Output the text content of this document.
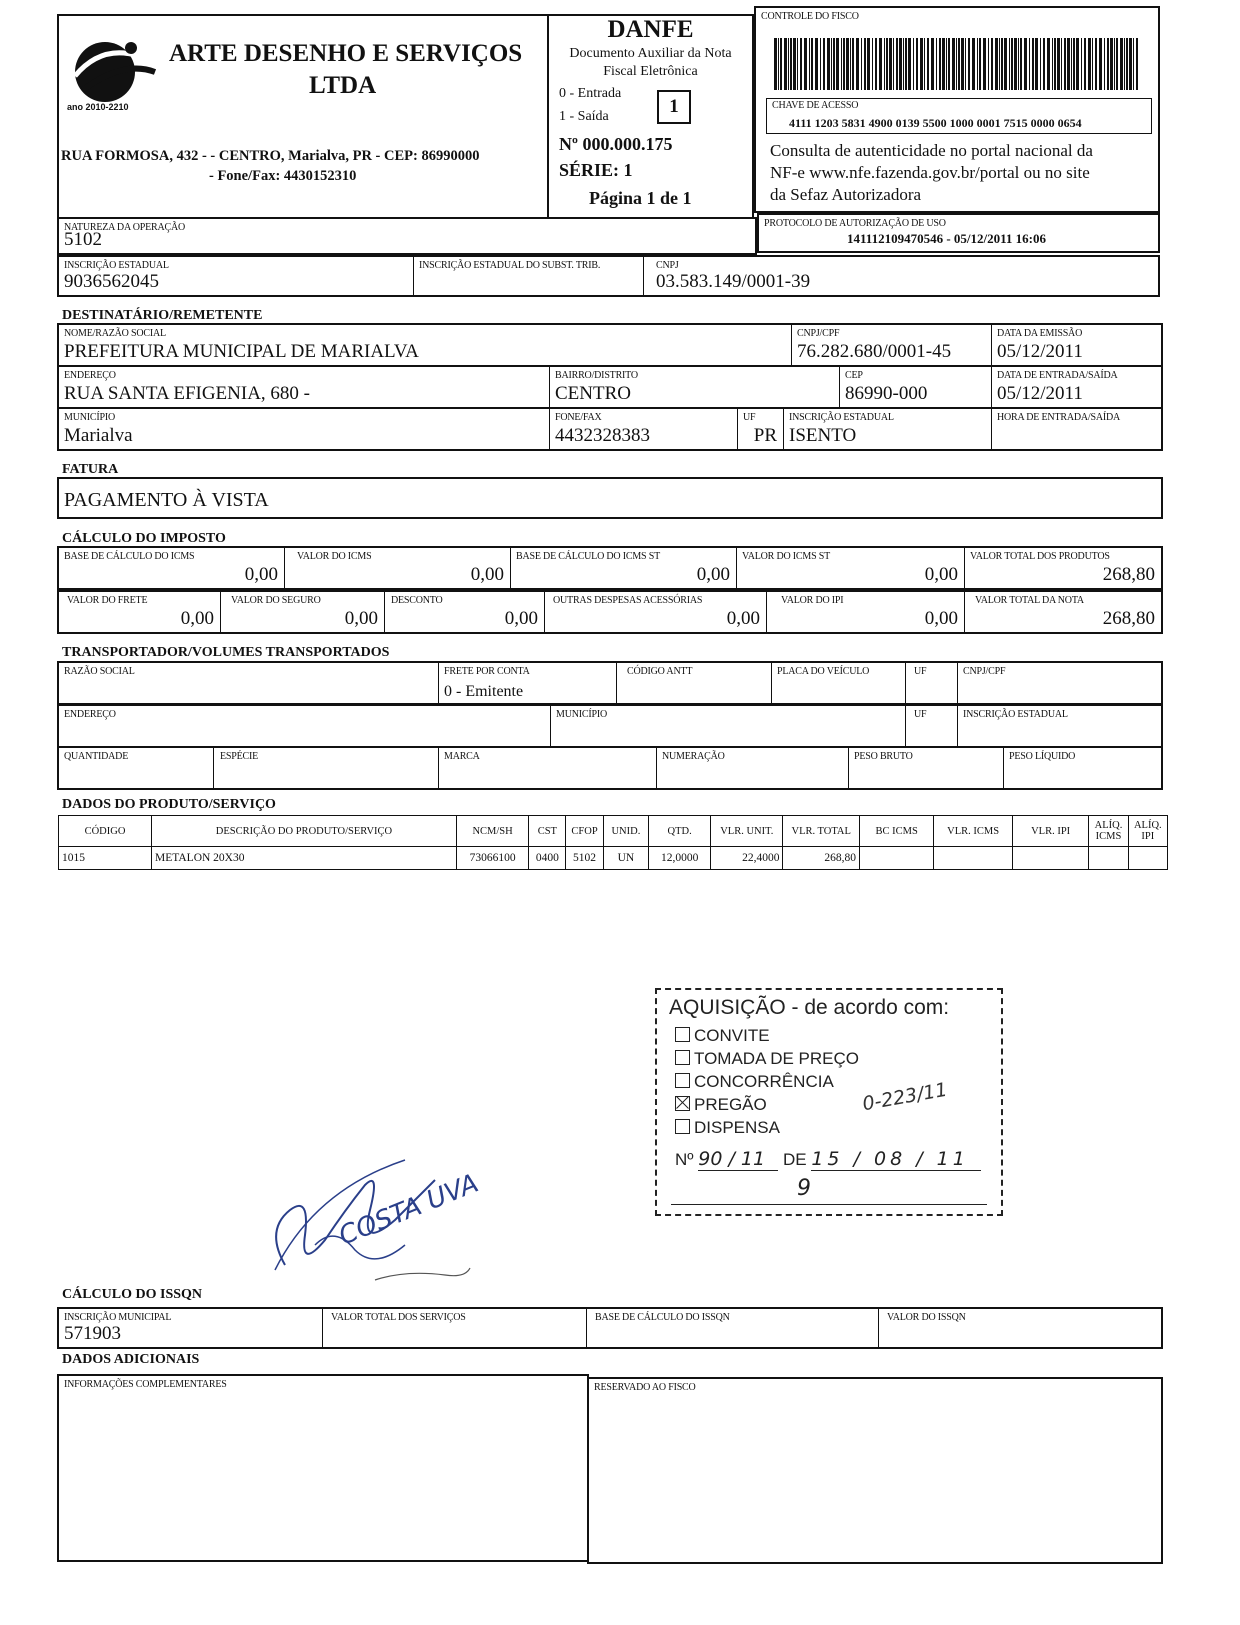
ano 2010-2210
ARTE DESENHO E SERVIÇOS
LTDA
RUA FORMOSA, 432 - - CENTRO, Marialva, PR - CEP: 86990000
- Fone/Fax: 4430152310
DANFE
Documento Auxiliar da Nota
Fiscal Eletrônica
0 - Entrada
1 - Saída	1
Nº 000.000.175
SÉRIE: 1
Página 1 de 1
CONTROLE DO FISCO
CHAVE DE ACESSO
4111 1203 5831 4900 0139 5500 1000 0001 7515 0000 0654
Consulta de autenticidade no portal nacional da
NF-e www.nfe.fazenda.gov.br/portal ou no site
da Sefaz Autorizadora
NATUREZA DA OPERAÇÃO
5102
PROTOCOLO DE AUTORIZAÇÃO DE USO
141112109470546 - 05/12/2011 16:06
INSCRIÇÃO ESTADUAL
9036562045
INSCRIÇÃO ESTADUAL DO SUBST. TRIB.	CNPJ
03.583.149/0001-39
DESTINATÁRIO/REMETENTE
NOME/RAZÃO SOCIAL
PREFEITURA MUNICIPAL DE MARIALVA
CNPJ/CPF
76.282.680/0001-45
DATA DA EMISSÃO
05/12/2011
ENDEREÇO
RUA SANTA EFIGENIA, 680 -
BAIRRO/DISTRITO
CENTRO
CEP
86990-000
DATA DE ENTRADA/SAÍDA
05/12/2011
MUNICÍPIO
Marialva
FONE/FAX
4432328383
UF
PR
INSCRIÇÃO ESTADUAL
ISENTO
HORA DE ENTRADA/SAÍDA
FATURA
PAGAMENTO À VISTA
CÁLCULO DO IMPOSTO
BASE DE CÁLCULO DO ICMS
0,00
VALOR DO ICMS
0,00
BASE DE CÁLCULO DO ICMS ST
0,00
VALOR DO ICMS ST
0,00
VALOR TOTAL DOS PRODUTOS
268,80
VALOR DO FRETE
0,00
VALOR DO SEGURO
0,00
DESCONTO
0,00
OUTRAS DESPESAS ACESSÓRIAS
0,00
VALOR DO IPI
0,00
VALOR TOTAL DA NOTA
268,80
TRANSPORTADOR/VOLUMES TRANSPORTADOS
RAZÃO SOCIAL	FRETE POR CONTA
0 - Emitente
CÓDIGO ANTT	PLACA DO VEÍCULO	UF	CNPJ/CPF
ENDEREÇO	MUNICÍPIO	UF	INSCRIÇÃO ESTADUAL
QUANTIDADE	ESPÉCIE	MARCA	NUMERAÇÃO	PESO BRUTO	PESO LÍQUIDO
DADOS DO PRODUTO/SERVIÇO
CÓDIGO	DESCRIÇÃO DO PRODUTO/SERVIÇO	NCM/SH	CST	CFOP	UNID.	QTD.	VLR. UNIT.	VLR. TOTAL	BC ICMS	VLR. ICMS	VLR. IPI	ALÍQ. ICMS	ALÍQ. IPI
1015	METALON 20X30	73066100	0400	5102	UN	12,0000	22,4000	268,80					
AQUISIÇÃO - de acordo com:
CONVITE
TOMADA DE PREÇO
CONCORRÊNCIA
PREGÃO
DISPENSA
0-223/11
Nº 90 / 11 DE 15 / 08 / 11
9
COSTA UVA
CÁLCULO DO ISSQN
INSCRIÇÃO MUNICIPAL
571903
VALOR TOTAL DOS SERVIÇOS	BASE DE CÁLCULO DO ISSQN	VALOR DO ISSQN
DADOS ADICIONAIS
INFORMAÇÕES COMPLEMENTARES	RESERVADO AO FISCO
